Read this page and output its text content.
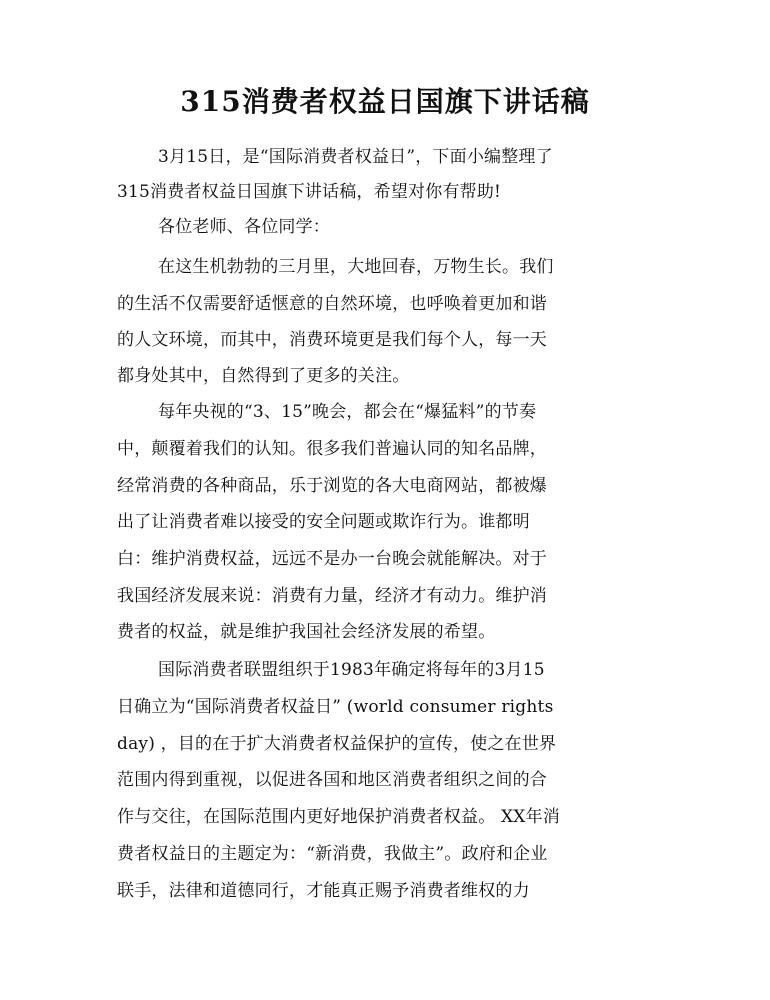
315消费者权益日国旗下讲话稿
3月15日，是“国际消费者权益日”，下面小编整理了
315消费者权益日国旗下讲话稿，希望对你有帮助!
各位老师、各位同学：
在这生机勃勃的三月里，大地回春，万物生长。我们
的生活不仅需要舒适惬意的自然环境，也呼唤着更加和谐
的人文环境，而其中，消费环境更是我们每个人，每一天
都身处其中，自然得到了更多的关注。
每年央视的“3、15”晚会，都会在“爆猛料”的节奏
中，颠覆着我们的认知。很多我们普遍认同的知名品牌，
经常消费的各种商品，乐于浏览的各大电商网站，都被爆
出了让消费者难以接受的安全问题或欺诈行为。谁都明
白：维护消费权益，远远不是办一台晚会就能解决。对于
我国经济发展来说：消费有力量，经济才有动力。维护消
费者的权益，就是维护我国社会经济发展的希望。
国际消费者联盟组织于1983年确定将每年的3月15
日确立为“国际消费者权益日” (world consumer rights
day) ，目的在于扩大消费者权益保护的宣传，使之在世界
范围内得到重视，以促进各国和地区消费者组织之间的合
作与交往，在国际范围内更好地保护消费者权益。 XX年消
费者权益日的主题定为：“新消费，我做主”。政府和企业
联手，法律和道德同行，才能真正赐予消费者维权的力
